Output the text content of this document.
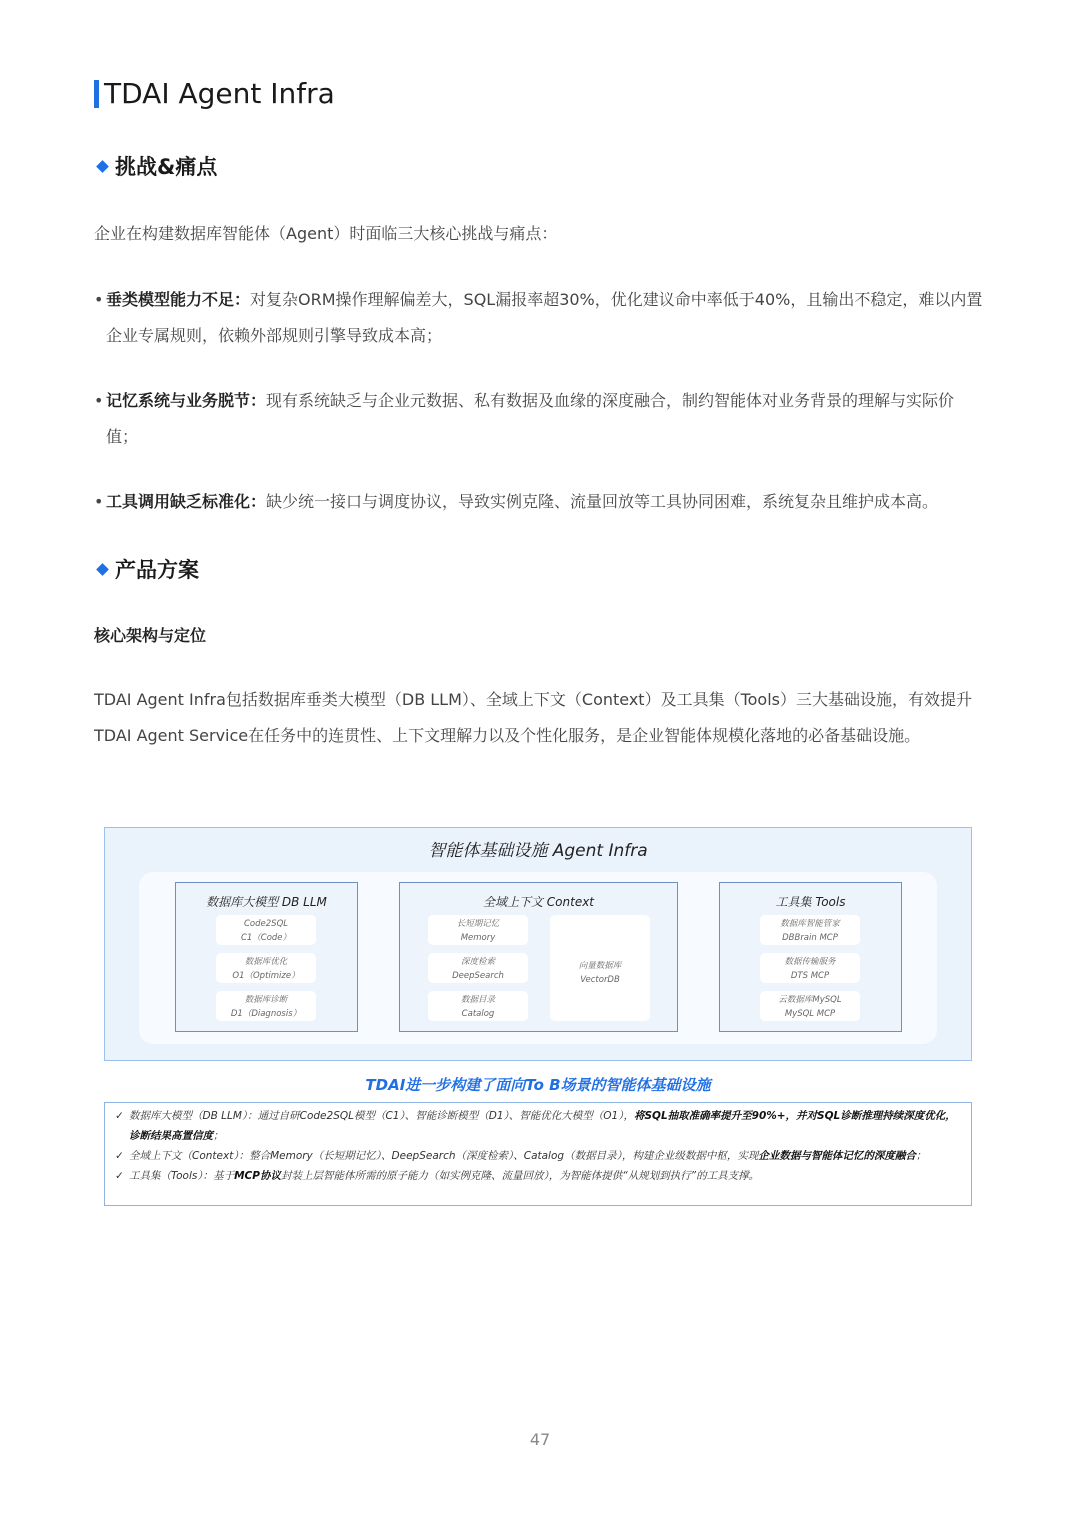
TDAI Agent Infra
挑战&痛点
企业在构建数据库智能体（Agent）时面临三大核心挑战与痛点：
• 垂类模型能力不足：对复杂ORM操作理解偏差大，SQL漏报率超30%，优化建议命中率低于40%，且输出不稳定，难以内置企业专属规则，依赖外部规则引擎导致成本高；
• 记忆系统与业务脱节：现有系统缺乏与企业元数据、私有数据及血缘的深度融合，制约智能体对业务背景的理解与实际价值；
• 工具调用缺乏标准化：缺少统一接口与调度协议，导致实例克隆、流量回放等工具协同困难，系统复杂且维护成本高。
产品方案
核心架构与定位
TDAI Agent Infra包括数据库垂类大模型（DB LLM）、全域上下文（Context）及工具集（Tools）三大基础设施，有效提升TDAI Agent Service在任务中的连贯性、上下文理解力以及个性化服务，是企业智能体规模化落地的必备基础设施。
智能体基础设施 Agent Infra
数据库大模型 DB LLM
Code2SQL
C1（Code）
数据库优化
O1（Optimize）
数据库诊断
D1（Diagnosis）
全域上下文 Context
长短期记忆
Memory
深度检索
DeepSearch
数据目录
Catalog
向量数据库
VectorDB
工具集 Tools
数据库智能管家
DBBrain MCP
数据传输服务
DTS MCP
云数据库MySQL
MySQL MCP
TDAI进一步构建了面向To B场景的智能体基础设施
✓ 数据库大模型（DB LLM）：通过自研Code2SQL模型（C1）、智能诊断模型（D1）、智能优化大模型（O1），将SQL抽取准确率提升至90%+，并对SQL诊断推理持续深度优化，诊断结果高置信度；
✓ 全域上下文（Context）：整合Memory（长短期记忆）、DeepSearch（深度检索）、Catalog（数据目录），构建企业级数据中枢，实现企业数据与智能体记忆的深度融合；
✓ 工具集（Tools）：基于MCP协议封装上层智能体所需的原子能力（如实例克隆、流量回放），为智能体提供“从规划到执行”的工具支撑。
47
